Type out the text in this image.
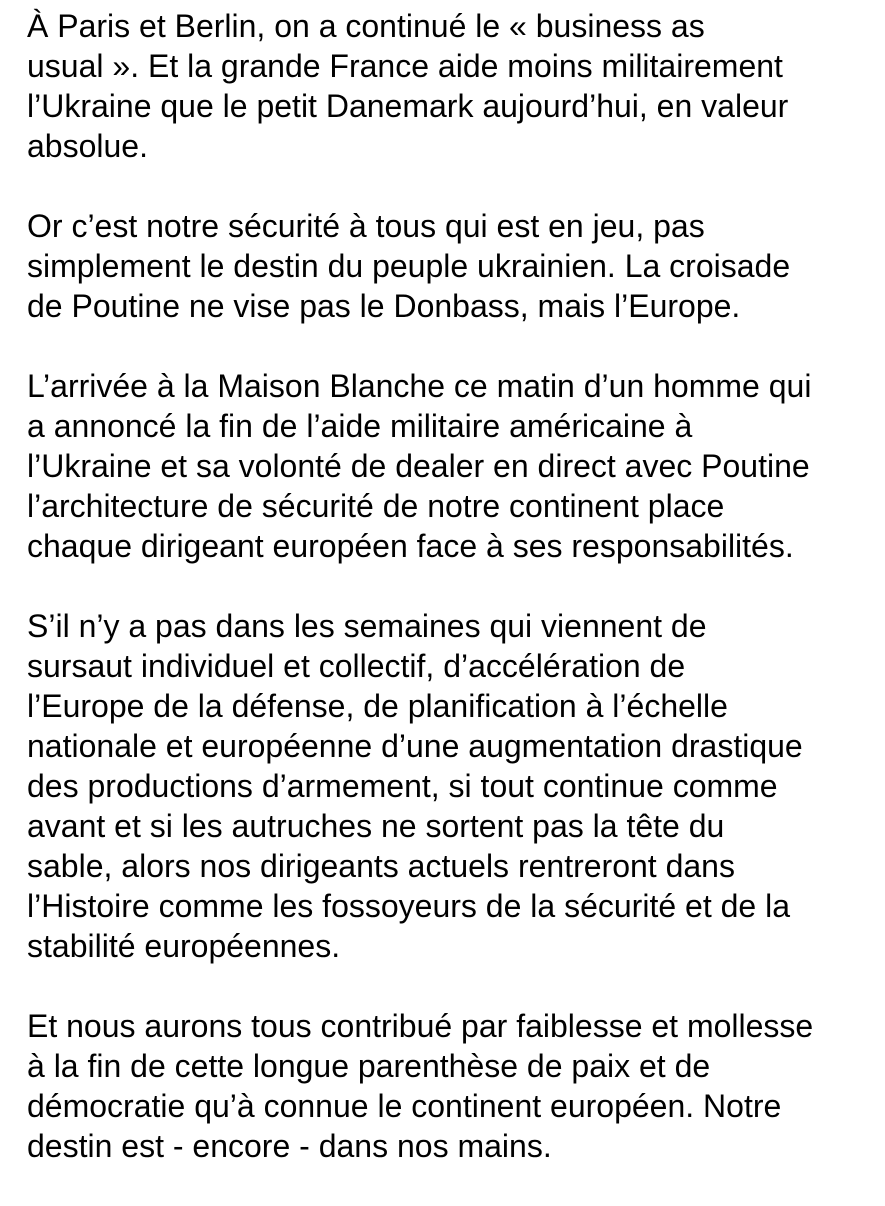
À Paris et Berlin, on a continué le « business as
usual ». Et la grande France aide moins militairement
l’Ukraine que le petit Danemark aujourd’hui, en valeur
absolue.

Or c’est notre sécurité à tous qui est en jeu, pas
simplement le destin du peuple ukrainien. La croisade
de Poutine ne vise pas le Donbass, mais l’Europe.

L’arrivée à la Maison Blanche ce matin d’un homme qui
a annoncé la fin de l’aide militaire américaine à
l’Ukraine et sa volonté de dealer en direct avec Poutine
l’architecture de sécurité de notre continent place
chaque dirigeant européen face à ses responsabilités.

S’il n’y a pas dans les semaines qui viennent de
sursaut individuel et collectif, d’accélération de
l’Europe de la défense, de planification à l’échelle
nationale et européenne d’une augmentation drastique
des productions d’armement, si tout continue comme
avant et si les autruches ne sortent pas la tête du
sable, alors nos dirigeants actuels rentreront dans
l’Histoire comme les fossoyeurs de la sécurité et de la
stabilité européennes.

Et nous aurons tous contribué par faiblesse et mollesse
à la fin de cette longue parenthèse de paix et de
démocratie qu’à connue le continent européen. Notre
destin est - encore - dans nos mains.
